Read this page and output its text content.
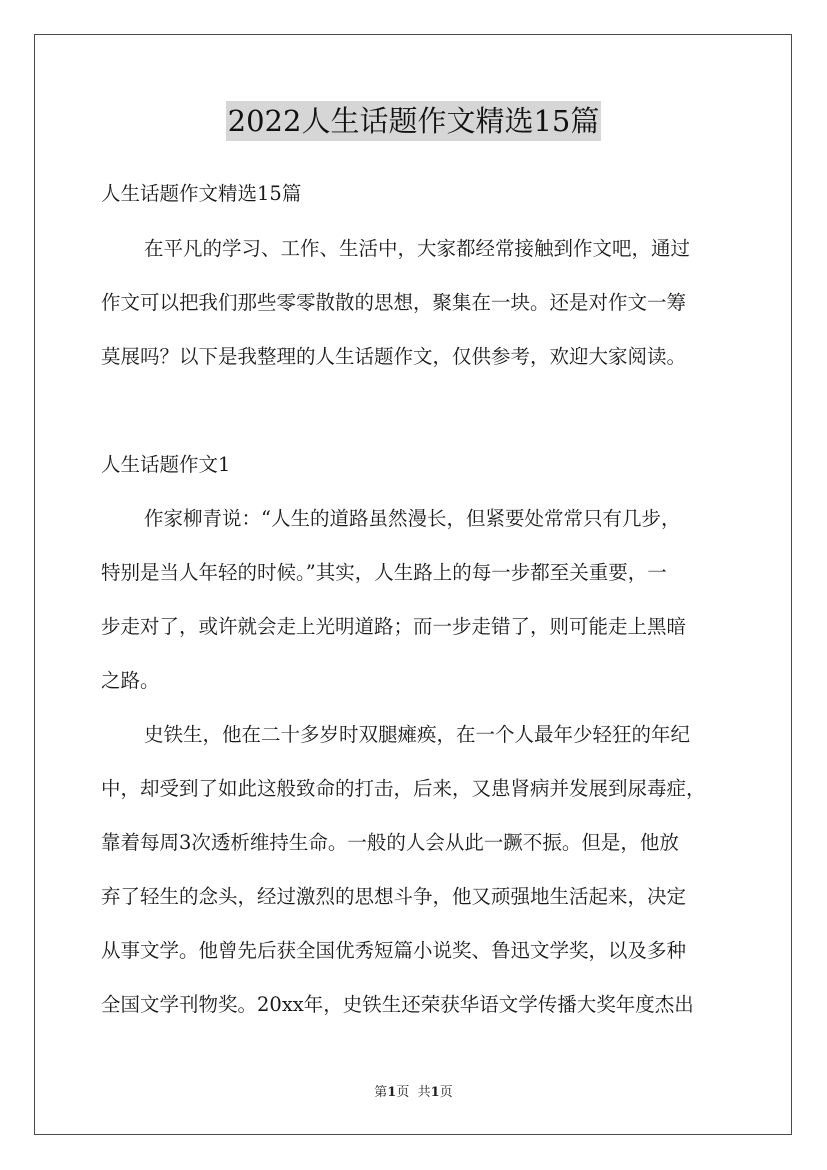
2022人生话题作文精选15篇
人生话题作文精选15篇
在平凡的学习、工作、生活中，大家都经常接触到作文吧，通过
作文可以把我们那些零零散散的思想，聚集在一块。还是对作文一筹
莫展吗？以下是我整理的人生话题作文，仅供参考，欢迎大家阅读。
人生话题作文1
作家柳青说：“人生的道路虽然漫长，但紧要处常常只有几步，
特别是当人年轻的时候。”其实，人生路上的每一步都至关重要，一
步走对了，或许就会走上光明道路；而一步走错了，则可能走上黑暗
之路。
史铁生，他在二十多岁时双腿瘫痪，在一个人最年少轻狂的年纪
中，却受到了如此这般致命的打击，后来，又患肾病并发展到尿毒症，
靠着每周3次透析维持生命。一般的人会从此一蹶不振。但是，他放
弃了轻生的念头，经过激烈的思想斗争，他又顽强地生活起来，决定
从事文学。他曾先后获全国优秀短篇小说奖、鲁迅文学奖，以及多种
全国文学刊物奖。20xx年，史铁生还荣获华语文学传播大奖年度杰出
第1页 共1页
